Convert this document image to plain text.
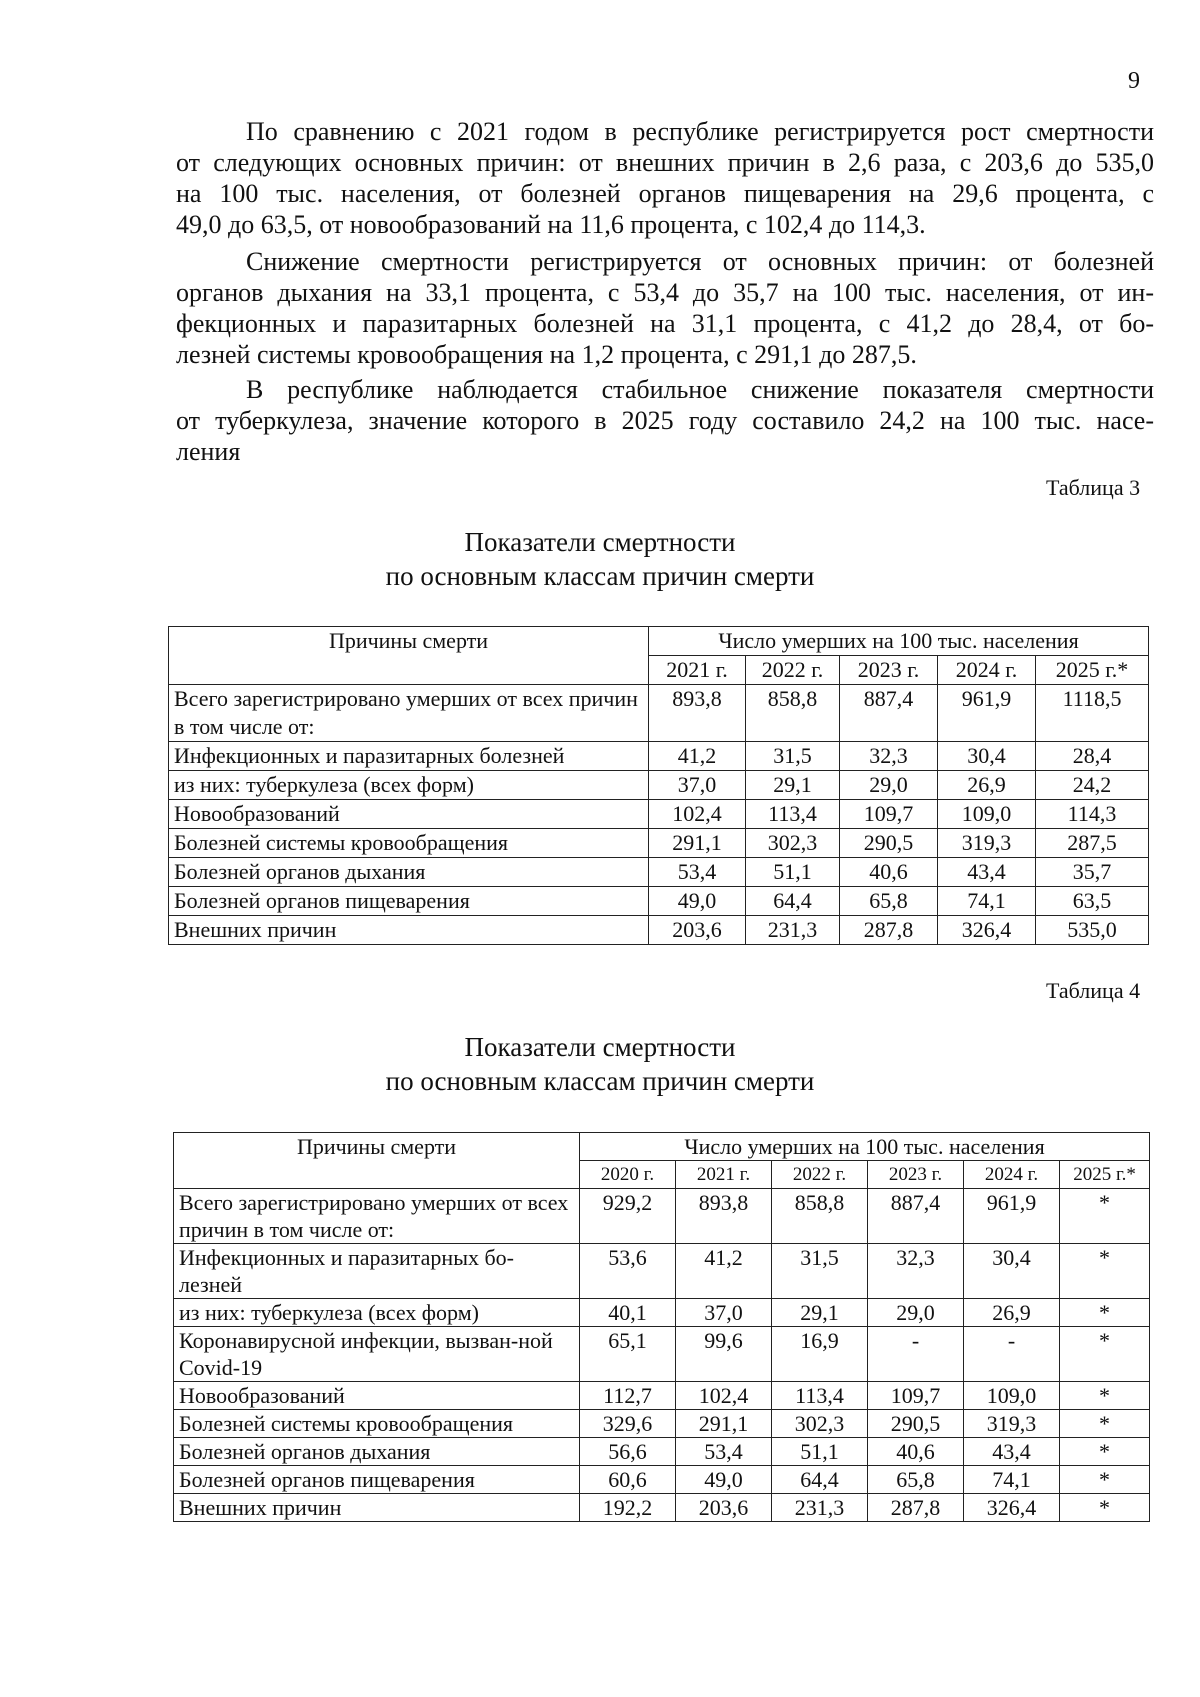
9
По сравнению с 2021 годом в республике регистрируется рост смертности
от следующих основных причин: от внешних причин в 2,6 раза, с 203,6 до 535,0
на 100 тыс. населения, от болезней органов пищеварения на 29,6 процента, с
49,0 до 63,5, от новообразований на 11,6 процента, с 102,4 до 114,3.
Снижение смертности регистрируется от основных причин: от болезней
органов дыхания на 33,1 процента, с 53,4 до 35,7 на 100 тыс. населения, от ин-
фекционных и паразитарных болезней на 31,1 процента, с 41,2 до 28,4, от бо-
лезней системы кровообращения на 1,2 процента, с 291,1 до 287,5.
В республике наблюдается стабильное снижение показателя смертности
от туберкулеза, значение которого в 2025 году составило 24,2 на 100 тыс. насе-
ления
Таблица 3
Показатели смертности
по основным классам причин смерти
Причины смерти	Число умерших на 100 тыс. населения				
	2021 г.	2022 г.	2023 г.	2024 г.	2025 г.*
Всего зарегистрировано умерших от всех причин в том числе от:	893,8	858,8	887,4	961,9	1118,5
Инфекционных и паразитарных болезней	41,2	31,5	32,3	30,4	28,4
из них: туберкулеза (всех форм)	37,0	29,1	29,0	26,9	24,2
Новообразований	102,4	113,4	109,7	109,0	114,3
Болезней системы кровообращения	291,1	302,3	290,5	319,3	287,5
Болезней органов дыхания	53,4	51,1	40,6	43,4	35,7
Болезней органов пищеварения	49,0	64,4	65,8	74,1	63,5
Внешних причин	203,6	231,3	287,8	326,4	535,0
Таблица 4
Показатели смертности
по основным классам причин смерти
Причины смерти	Число умерших на 100 тыс. населения					
	2020 г.	2021 г.	2022 г.	2023 г.	2024 г.	2025 г.*
Всего зарегистрировано умерших от всех причин в том числе от:	929,2	893,8	858,8	887,4	961,9	*
Инфекционных и паразитарных бо-лезней	53,6	41,2	31,5	32,3	30,4	*
из них: туберкулеза (всех форм)	40,1	37,0	29,1	29,0	26,9	*
Коронавирусной инфекции, вызван-ной Covid-19	65,1	99,6	16,9	-	-	*
Новообразований	112,7	102,4	113,4	109,7	109,0	*
Болезней системы кровообращения	329,6	291,1	302,3	290,5	319,3	*
Болезней органов дыхания	56,6	53,4	51,1	40,6	43,4	*
Болезней органов пищеварения	60,6	49,0	64,4	65,8	74,1	*
Внешних причин	192,2	203,6	231,3	287,8	326,4	*
